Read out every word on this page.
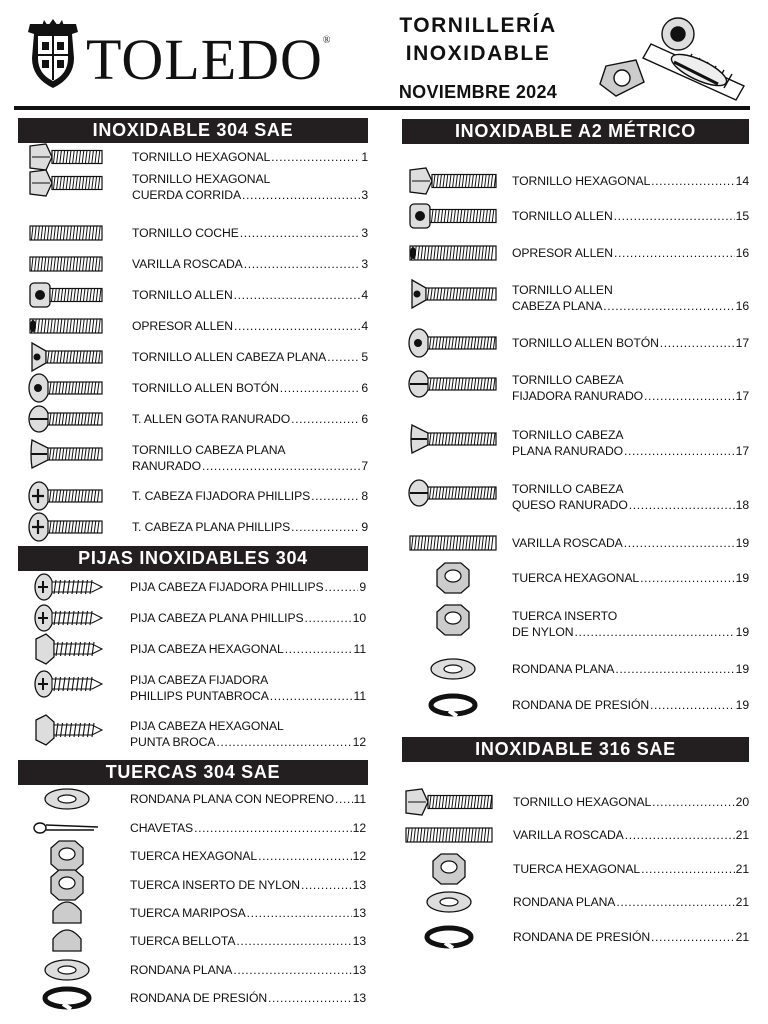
TOLEDO®
TORNILLERÍA
INOXIDABLE
NOVIEMBRE 2024
INOXIDABLE 304 SAE
PIJAS INOXIDABLES 304
TUERCAS 304 SAE
INOXIDABLE A2 MÉTRICO
INOXIDABLE 316 SAE
TORNILLO HEXAGONAL .....	1
TORNILLO HEXAGONAL
CUERDA CORRIDA .....	3
TORNILLO COCHE .....	3
VARILLA ROSCADA .....	3
TORNILLO ALLEN .....	4
OPRESOR ALLEN .....	4
TORNILLO ALLEN CABEZA PLANA .....	5
TORNILLO ALLEN BOTÓN .....	6
T. ALLEN GOTA RANURADO .....	6
TORNILLO CABEZA PLANA
RANURADO .....	7
T. CABEZA FIJADORA PHILLIPS .....	8
T. CABEZA PLANA PHILLIPS .....	9
PIJA CABEZA FIJADORA PHILLIPS .....	9
PIJA CABEZA PLANA PHILLIPS .....	10
PIJA CABEZA HEXAGONAL .....	11
PIJA CABEZA FIJADORA
PHILLIPS PUNTABROCA .....	11
PIJA CABEZA HEXAGONAL
PUNTA BROCA .....	12
RONDANA PLANA CON NEOPRENO ..... 11
CHAVETAS .....	12
TUERCA HEXAGONAL .....	12
TUERCA INSERTO DE NYLON .....	13
TUERCA MARIPOSA .....	13
TUERCA BELLOTA .....	13
RONDANA PLANA .....	13
RONDANA DE PRESIÓN .....	13
TORNILLO HEXAGONAL .....	14
TORNILLO ALLEN .....	15
OPRESOR ALLEN .....	16
TORNILLO ALLEN
CABEZA PLANA .....	16
TORNILLO ALLEN BOTÓN .....	17
TORNILLO CABEZA
FIJADORA RANURADO .....	17
TORNILLO CABEZA
PLANA RANURADO .....	17
TORNILLO CABEZA
QUESO RANURADO .....	18
VARILLA ROSCADA .....	19
TUERCA HEXAGONAL .....	19
TUERCA INSERTO
DE NYLON .....	19
RONDANA PLANA .....	19
RONDANA DE PRESIÓN .....	19
TORNILLO HEXAGONAL .....	20
VARILLA ROSCADA .....	21
TUERCA HEXAGONAL .....	21
RONDANA PLANA .....	21
RONDANA DE PRESIÓN .....	21
